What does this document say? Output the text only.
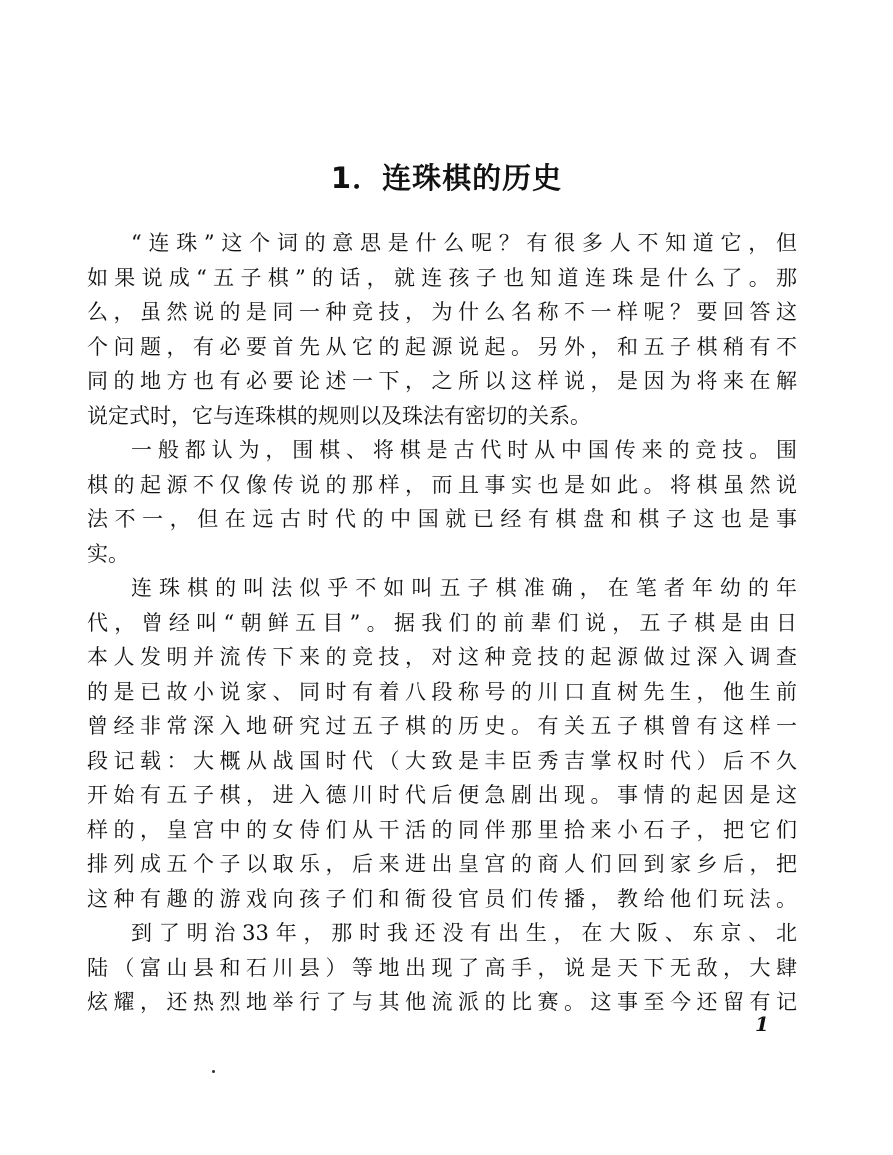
1．连珠棋的历史
“连珠”这个词的意思是什么呢？有很多人不知道它，但
如果说成“五子棋”的话，就连孩子也知道连珠是什么了。那
么，虽然说的是同一种竞技，为什么名称不一样呢？要回答这
个问题，有必要首先从它的起源说起。另外，和五子棋稍有不
同的地方也有必要论述一下，之所以这样说，是因为将来在解
说定式时，它与连珠棋的规则以及珠法有密切的关系。
一般都认为，围棋、将棋是古代时从中国传来的竞技。围
棋的起源不仅像传说的那样，而且事实也是如此。将棋虽然说
法不一，但在远古时代的中国就已经有棋盘和棋子这也是事
实。
连珠棋的叫法似乎不如叫五子棋准确，在笔者年幼的年
代，曾经叫“朝鲜五目”。据我们的前辈们说，五子棋是由日
本人发明并流传下来的竞技，对这种竞技的起源做过深入调查
的是已故小说家、同时有着八段称号的川口直树先生，他生前
曾经非常深入地研究过五子棋的历史。有关五子棋曾有这样一
段记载：大概从战国时代（大致是丰臣秀吉掌权时代）后不久
开始有五子棋，进入德川时代后便急剧出现。事情的起因是这
样的，皇宫中的女侍们从干活的同伴那里拾来小石子，把它们
排列成五个子以取乐，后来进出皇宫的商人们回到家乡后，把
这种有趣的游戏向孩子们和衙役官员们传播，教给他们玩法。
到了明治33年，那时我还没有出生，在大阪、东京、北
陆（富山县和石川县）等地出现了高手，说是天下无敌，大肆
炫耀，还热烈地举行了与其他流派的比赛。这事至今还留有记
1
